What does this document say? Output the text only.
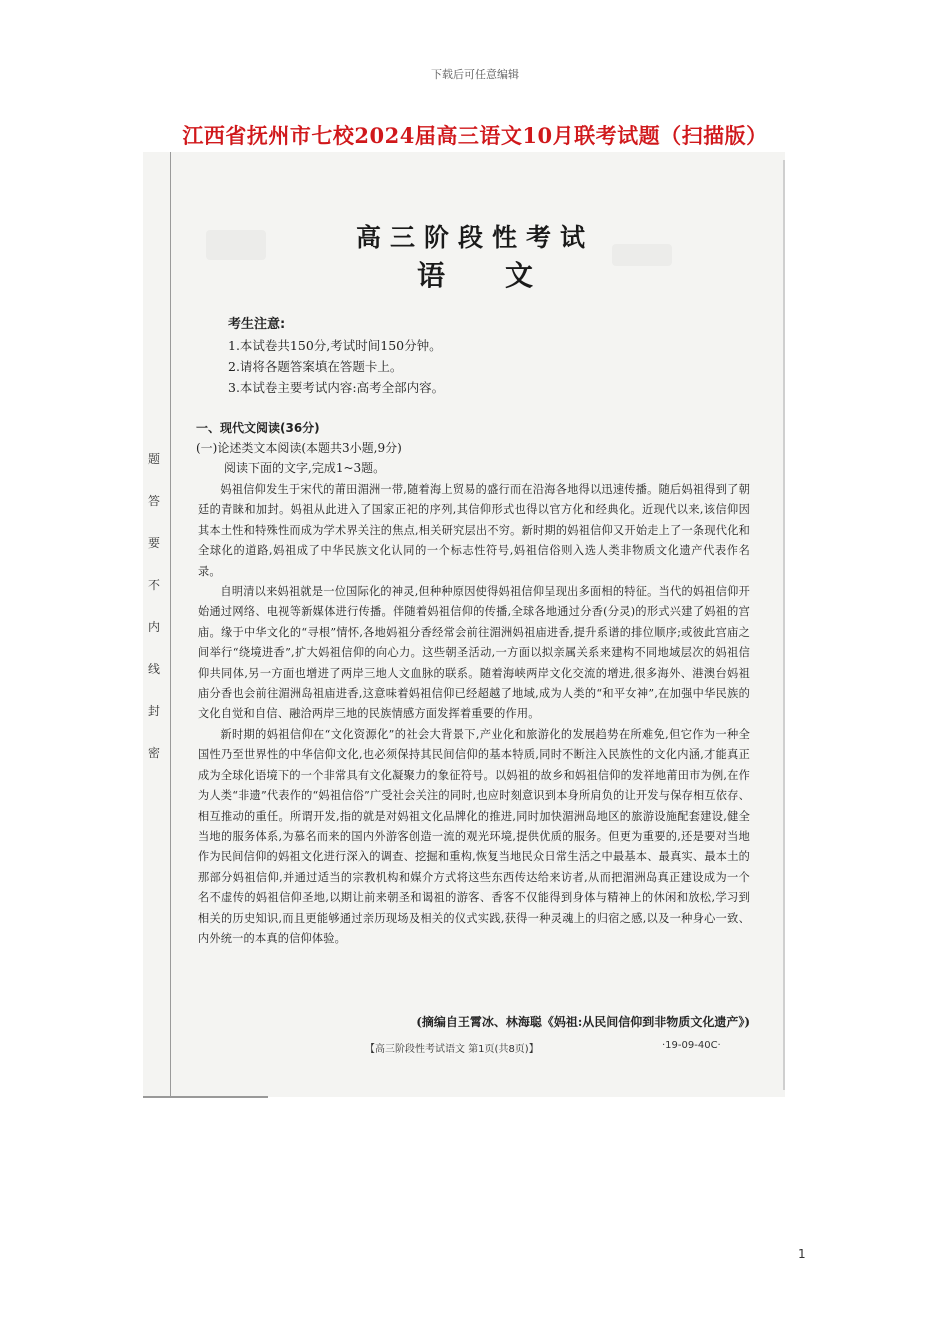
下载后可任意编辑
江西省抚州市七校2024届高三语文10月联考试题（扫描版）
题
答
要
不
内
线
封
密
高三阶段性考试
语文
考生注意:
1.本试卷共150分,考试时间150分钟。
2.请将各题答案填在答题卡上。
3.本试卷主要考试内容:高考全部内容。
一、现代文阅读(36分)
(一)论述类文本阅读(本题共3小题,9分)
阅读下面的文字,完成1~3题。

妈祖信仰发生于宋代的莆田湄洲一带,随着海上贸易的盛行而在沿海各地得以迅速传播。随后妈祖得到了朝廷的青睐和加封。妈祖从此进入了国家正祀的序列,其信仰形式也得以官方化和经典化。近现代以来,该信仰因其本土性和特殊性而成为学术界关注的焦点,相关研究层出不穷。新时期的妈祖信仰又开始走上了一条现代化和全球化的道路,妈祖成了中华民族文化认同的一个标志性符号,妈祖信俗则入选人类非物质文化遗产代表作名录。

自明清以来妈祖就是一位国际化的神灵,但种种原因使得妈祖信仰呈现出多面相的特征。当代的妈祖信仰开始通过网络、电视等新媒体进行传播。伴随着妈祖信仰的传播,全球各地通过分香(分灵)的形式兴建了妈祖的宫庙。缘于中华文化的“寻根”情怀,各地妈祖分香经常会前往湄洲妈祖庙进香,提升系谱的排位顺序;或彼此宫庙之间举行“绕境进香”,扩大妈祖信仰的向心力。这些朝圣活动,一方面以拟亲属关系来建构不同地域层次的妈祖信仰共同体,另一方面也增进了两岸三地人文血脉的联系。随着海峡两岸文化交流的增进,很多海外、港澳台妈祖庙分香也会前往湄洲岛祖庙进香,这意味着妈祖信仰已经超越了地域,成为人类的“和平女神”,在加强中华民族的文化自觉和自信、融洽两岸三地的民族情感方面发挥着重要的作用。

新时期的妈祖信仰在“文化资源化”的社会大背景下,产业化和旅游化的发展趋势在所难免,但它作为一种全国性乃至世界性的中华信仰文化,也必须保持其民间信仰的基本特质,同时不断注入民族性的文化内涵,才能真正成为全球化语境下的一个非常具有文化凝聚力的象征符号。以妈祖的故乡和妈祖信仰的发祥地莆田市为例,在作为人类“非遗”代表作的“妈祖信俗”广受社会关注的同时,也应时刻意识到本身所肩负的让开发与保存相互依存、相互推动的重任。所谓开发,指的就是对妈祖文化品牌化的推进,同时加快湄洲岛地区的旅游设施配套建设,健全当地的服务体系,为慕名而来的国内外游客创造一流的观光环境,提供优质的服务。但更为重要的,还是要对当地作为民间信仰的妈祖文化进行深入的调查、挖掘和重构,恢复当地民众日常生活之中最基本、最真实、最本土的那部分妈祖信仰,并通过适当的宗教机构和媒介方式将这些东西传达给来访者,从而把湄洲岛真正建设成为一个名不虚传的妈祖信仰圣地,以期让前来朝圣和谒祖的游客、香客不仅能得到身体与精神上的休闲和放松,学习到相关的历史知识,而且更能够通过亲历现场及相关的仪式实践,获得一种灵魂上的归宿之感,以及一种身心一致、内外统一的本真的信仰体验。

(摘编自王霄冰、林海聪《妈祖:从民间信仰到非物质文化遗产》)
【高三阶段性考试语文 第1页(共8页)】	·19-09-40C·
1
